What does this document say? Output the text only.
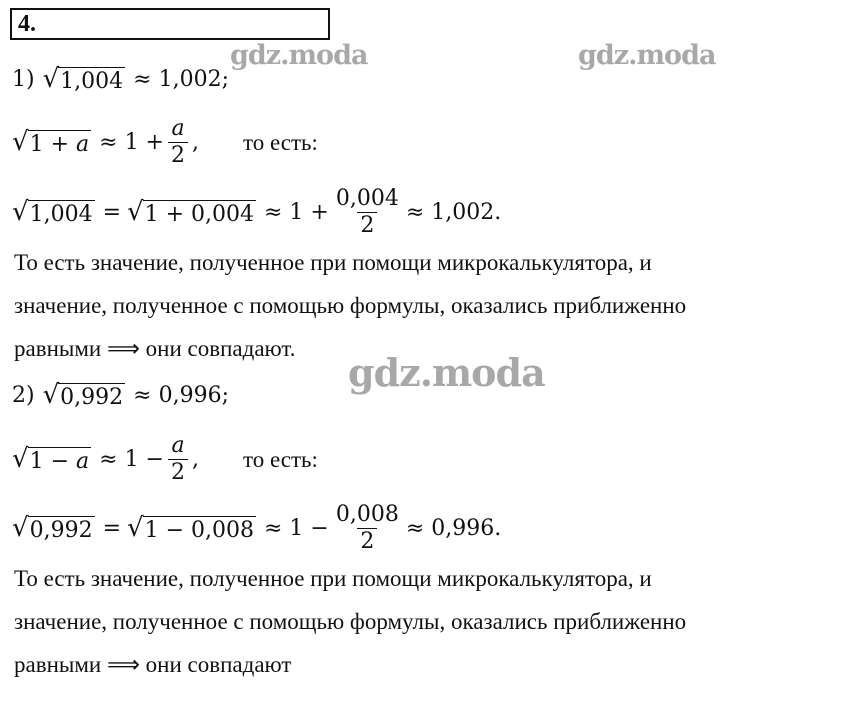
4.
gdz.moda	gdz.moda
gdz.moda
1) √ 1,004 ≈ 1,002;
√ $1 + a \approx 1 + \frac{a}{2}$ , то есть:
√ 1,004 = √ $1 + 0,004 \approx 1 + \frac{0,004}{2} \approx 1,002$.
То есть значение, полученное при помощи микрокалькулятора, и
значение, полученное с помощью формулы, оказались приближенно
равными ⟹ они совпадают.
2) √ 0,992 ≈ 0,996;
√ $1 - a \approx 1 - \frac{a}{2}$ , то есть:
√ 0,992 = √ $1 - 0,008 \approx 1 - \frac{0,008}{2} \approx 0,996$.
То есть значение, полученное при помощи микрокалькулятора, и
значение, полученное с помощью формулы, оказались приближенно
равными ⟹ они совпадают
